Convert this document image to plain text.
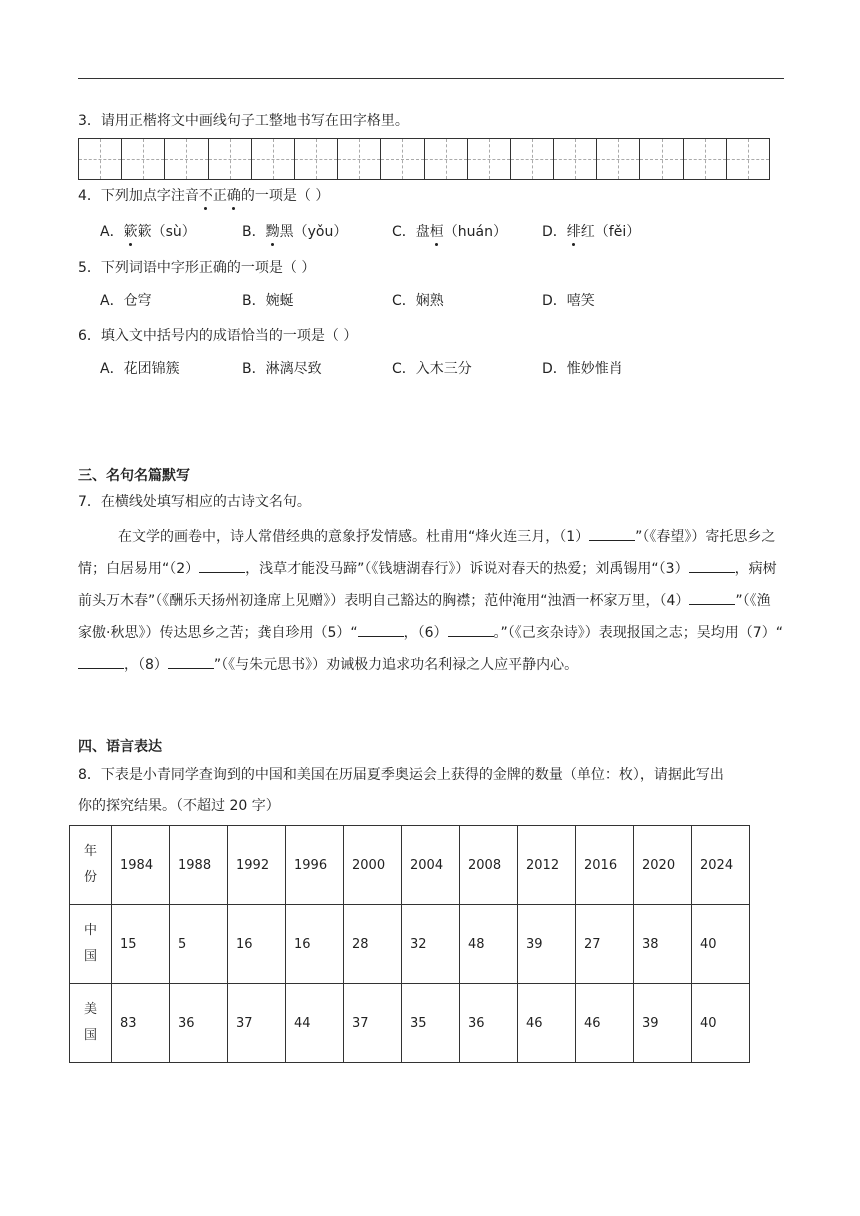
3．请用正楷将文中画线句子工整地书写在田字格里。
4．下列加点字注音不正确的一项是（ ）
A．簌簌（sù）	B．黝黑（yǒu）	C．盘桓（huán）	D．绯红（fěi）
5．下列词语中字形正确的一项是（ ）
A．仓穹	B．婉蜒	C．娴熟	D．嘻笑
6．填入文中括号内的成语恰当的一项是（ ）
A．花团锦簇	B．淋漓尽致	C．入木三分	D．惟妙惟肖
三、名句名篇默写
7．在横线处填写相应的古诗文名句。
在文学的画卷中，诗人常借经典的意象抒发情感。杜甫用“烽火连三月，（1）	”（《春望》）寄托思乡之情；白居易用“（2）	，浅草才能没马蹄”（《钱塘湖春行》）诉说对春天的热爱；刘禹锡用“（3）	，病树前头万木春”（《酬乐天扬州初逢席上见赠》）表明自己豁达的胸襟；范仲淹用“浊酒一杯家万里，（4）	”（《渔家傲·秋思》）传达思乡之苦；龚自珍用（5）“	，（6）	。”（《己亥杂诗》）表现报国之志；吴均用（7）“，（8）	”（《与朱元思书》）劝诫极力追求功名利禄之人应平静内心。
四、语言表达
8．下表是小青同学查询到的中国和美国在历届夏季奥运会上获得的金牌的数量（单位：枚），请据此写出
你的探究结果。（不超过 20 字）
年
份	1984	1988	1992	1996	2000	2004	2008	2012	2016	2020	2024

中
国	15	5	16	16	28	32	48	39	27	38	40

美
国	83	36	37	44	37	35	36	46	46	39	40
